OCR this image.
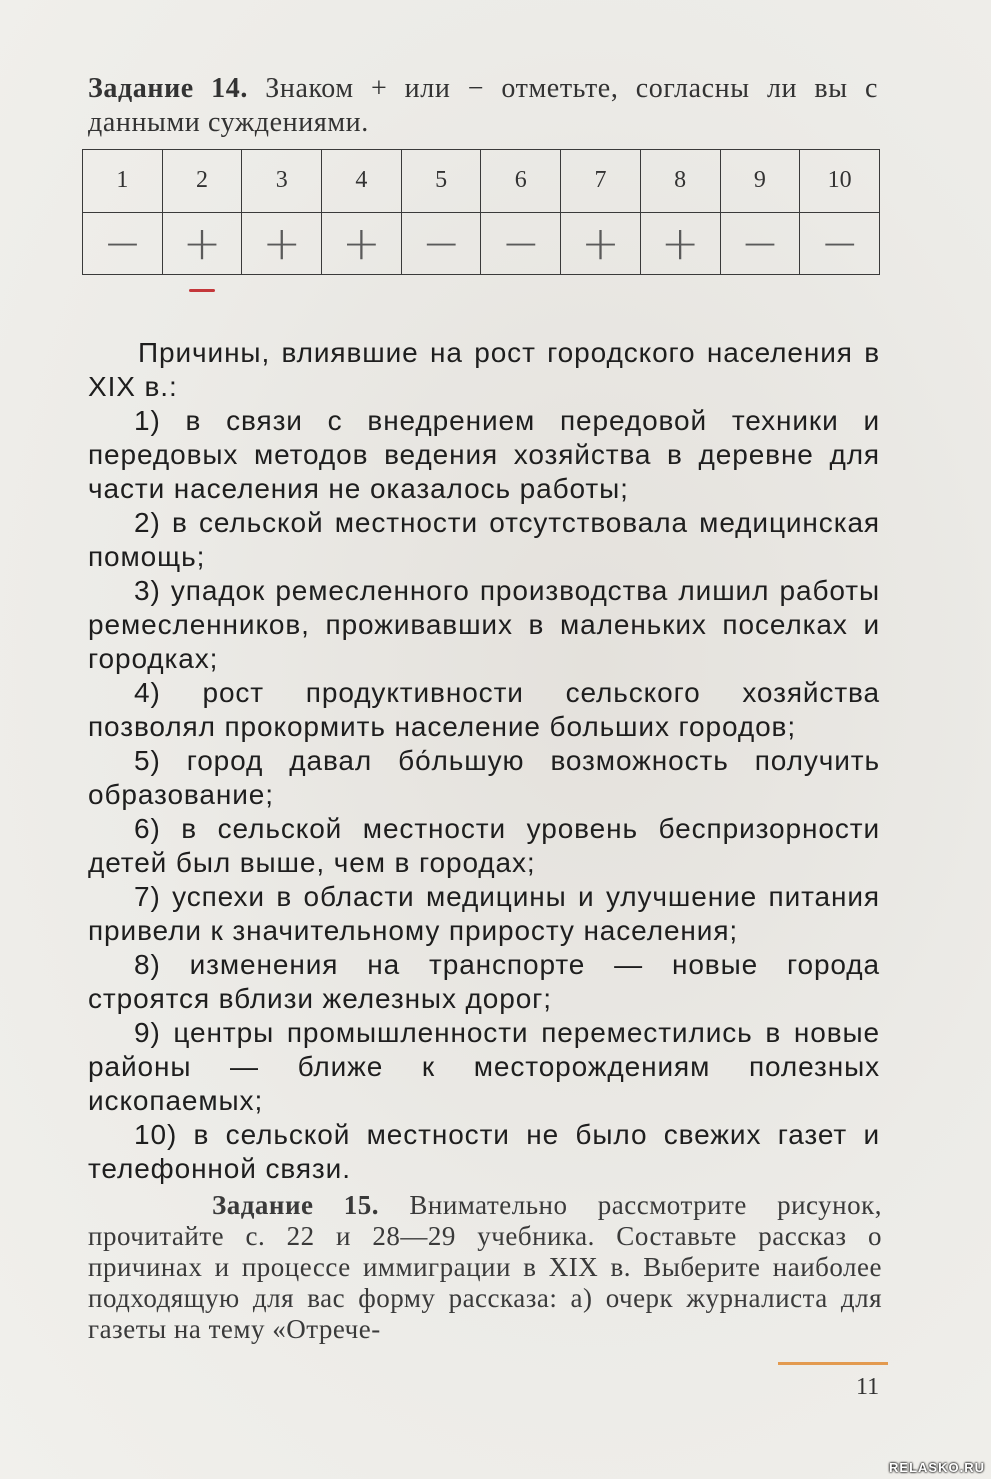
Задание 14. Знаком + или − отметьте, согласны ли вы с данными суждениями.
1	2	3	4	5	6	7	8	9	10
−	+	+	+	−	−	+	+	−	−

Причины, влиявшие на рост городского населения в XIX в.:

1) в связи с внедрением передовой техники и передовых методов ведения хозяйства в деревне для части населения не оказалось работы;

2) в сельской местности отсутствовала медицинская помощь;

3) упадок ремесленного производства лишил работы ремесленников, проживавших в маленьких поселках и городках;

4) рост продуктивности сельского хозяйства позволял прокормить население больших городов;

5) город давал бо́льшую возможность получить образование;

6) в сельской местности уровень беспризорности детей был выше, чем в городах;

7) успехи в области медицины и улучшение питания привели к значительному приросту населения;

8) изменения на транспорте — новые города строятся вблизи железных дорог;

9) центры промышленности переместились в новые районы — ближе к месторождениям полезных ископаемых;

10) в сельской местности не было свежих газет и телефонной связи.

Задание 15. Внимательно рассмотрите рисунок, прочитайте с. 22 и 28—29 учебника. Составьте рассказ о причинах и процессе иммиграции в XIX в. Выберите наиболее подходящую для вас форму рассказа: а) очерк журналиста для газеты на тему «Отрече-
11
RELASKO.RU
